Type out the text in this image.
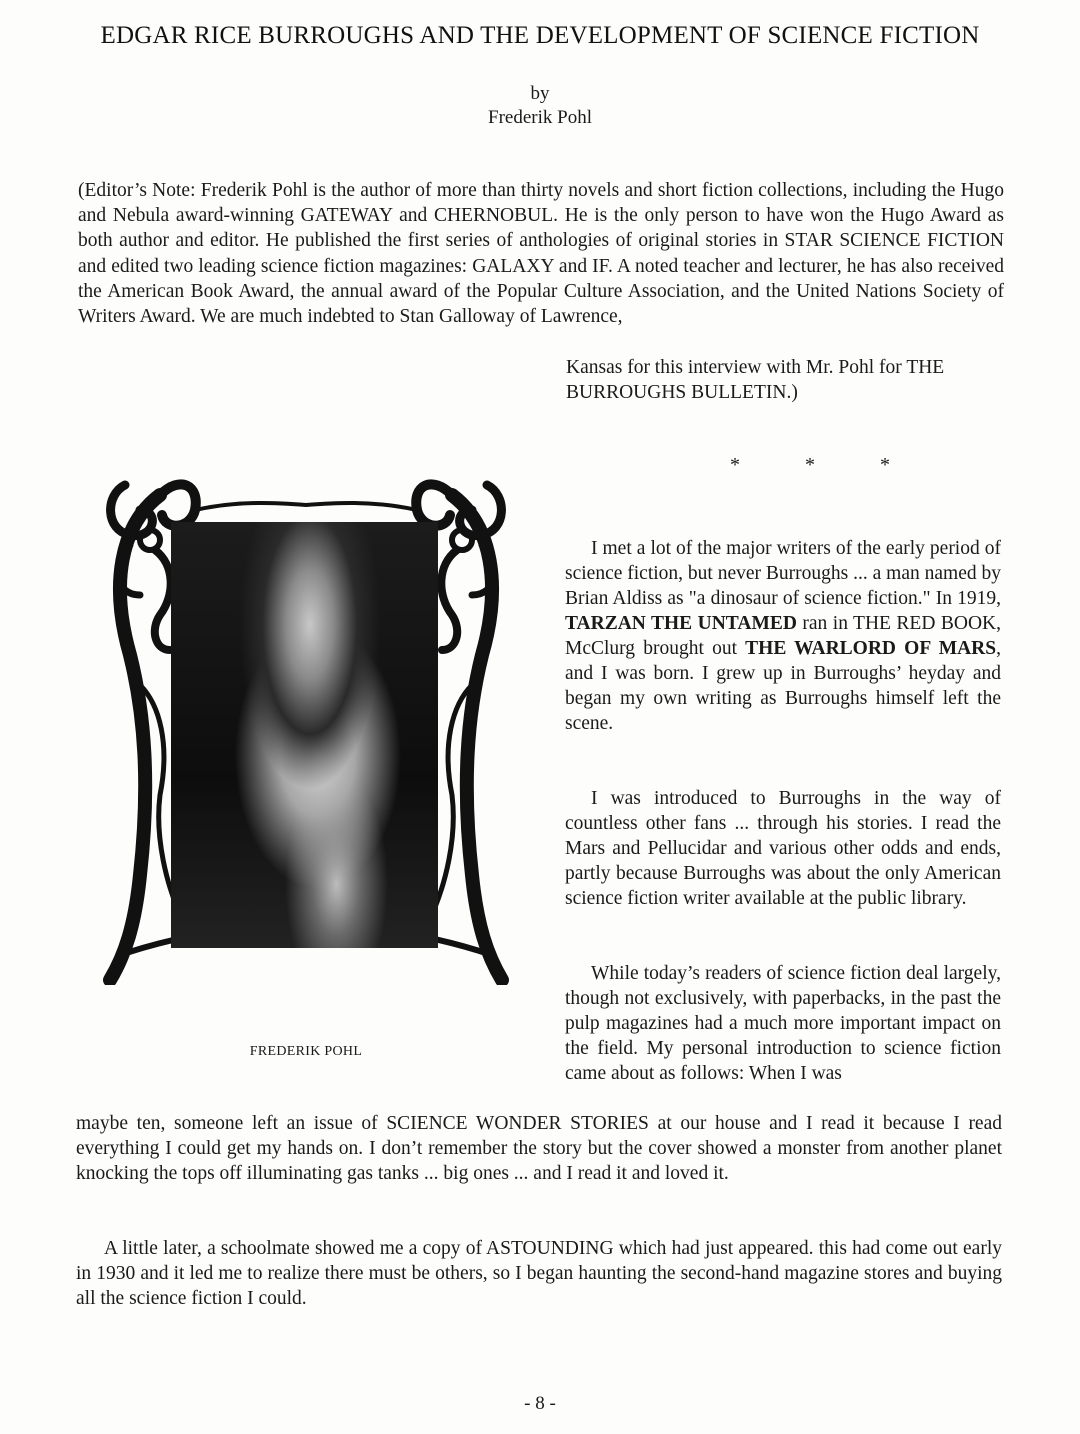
EDGAR RICE BURROUGHS AND THE DEVELOPMENT OF SCIENCE FICTION
by
Frederik Pohl
(Editor’s Note: Frederik Pohl is the author of more than thirty novels and short fiction collections, including the Hugo and Nebula award-winning GATEWAY and CHERNOBUL. He is the only person to have won the Hugo Award as both author and editor. He published the first series of anthologies of original stories in STAR SCIENCE FICTION and edited two leading science fiction magazines: GALAXY and IF. A noted teacher and lecturer, he has also received the American Book Award, the annual award of the Popular Culture Association, and the United Nations Society of Writers Award. We are much indebted to Stan Galloway of Lawrence,
Kansas for this interview with Mr. Pohl for THE BURROUGHS BULLETIN.)
FREDERIK POHL
* * *

I met a lot of the major writers of the early period of science fiction, but never Burroughs ... a man named by Brian Aldiss as "a dinosaur of science fiction." In 1919, TARZAN THE UNTAMED ran in THE RED BOOK, McClurg brought out THE WARLORD OF MARS, and I was born. I grew up in Burroughs’ heyday and began my own writing as Burroughs himself left the scene.

I was introduced to Burroughs in the way of countless other fans ... through his stories. I read the Mars and Pellucidar and various other odds and ends, partly because Burroughs was about the only American science fiction writer available at the public library.

While today’s readers of science fiction deal largely, though not exclusively, with paperbacks, in the past the pulp magazines had a much more important impact on the field. My personal introduction to science fiction came about as follows: When I was

maybe ten, someone left an issue of SCIENCE WONDER STORIES at our house and I read it because I read everything I could get my hands on. I don’t remember the story but the cover showed a monster from another planet knocking the tops off illuminating gas tanks ... big ones ... and I read it and loved it.

A little later, a schoolmate showed me a copy of ASTOUNDING which had just appeared. this had come out early in 1930 and it led me to realize there must be others, so I began haunting the second-hand magazine stores and buying all the science fiction I could.

- 8 -
